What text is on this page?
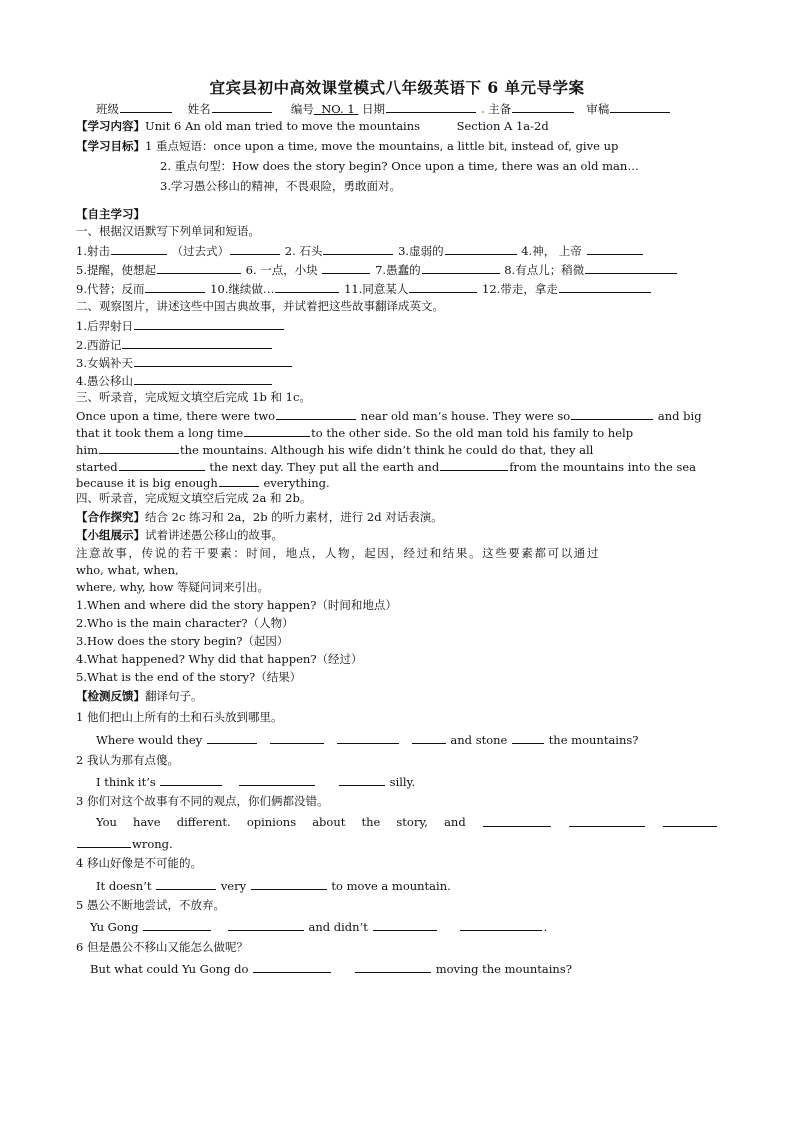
宜宾县初中高效课堂模式八年级英语下 6 单元导学案
班级	姓名	编号 NO. 1 日期	主备	审稿
【学习内容】Unit 6 An old man tried to move the mountains	Section A 1a-2d
【学习目标】1 重点短语：once upon a time, move the mountains, a little bit, instead of, give up
2. 重点句型：How does the story begin? Once upon a time, there was an old man…
3.学习愚公移山的精神，不畏艰险，勇敢面对。
【自主学习】
一、根据汉语默写下列单词和短语。
1.射击	（过去式）	2. 石头	3.虚弱的	4.神， 上帝
5.提醒，使想起	6. 一点，小块	7.愚蠢的	8.有点儿；稍微
9.代替；反而	10.继续做…	11.同意某人	12.带走，拿走
二、观察图片，讲述这些中国古典故事，并试着把这些故事翻译成英文。
1.后羿射日
2.西游记
3.女娲补天
4.愚公移山
三、听录音，完成短文填空后完成 1b 和 1c。
Once upon a time, there were two	near old man’s house. They were so	and big
that it took them a long time	to the other side. So the old man told his family to help
him	the mountains. Although his wife didn’t think he could do that, they all
started	the next day. They put all the earth and	from the mountains into the sea
because it is big enough	everything.
四、听录音，完成短文填空后完成 2a 和 2b。
【合作探究】结合 2c 练习和 2a，2b 的听力素材，进行 2d 对话表演。
【小组展示】试着讲述愚公移山的故事。
注意故事，传说的若干要素：时间，地点，人物，起因，经过和结果。这些要素都可以通过
who, what, when,
where, why, how 等疑问词来引出。
1.When and where did the story happen?（时间和地点）
2.Who is the main character?（人物）
3.How does the story begin?（起因）
4.What happened? Why did that happen?（经过）
5.What is the end of the story?（结果）
【检测反馈】翻译句子。
1 他们把山上所有的土和石头放到哪里。
Where would they	and stone	the mountains?
2 我认为那有点傻。
I think it’s	silly.
3 你们对这个故事有不同的观点，你们俩都没错。
You have different. opinions about the story, and
wrong.
4 移山好像是不可能的。
It doesn’t	very	to move a mountain.
5 愚公不断地尝试，不放弃。
Yu Gong	and didn’t	.
6 但是愚公不移山又能怎么做呢？
But what could Yu Gong do	moving the mountains?
